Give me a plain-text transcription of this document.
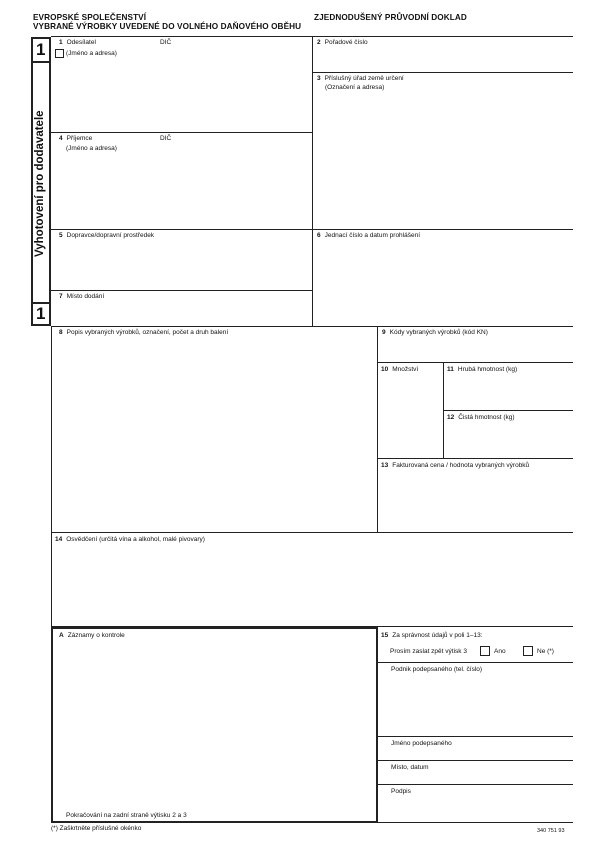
EVROPSKÉ SPOLEČENSTVÍ
VYBRANÉ VÝROBKY UVEDENÉ DO VOLNÉHO DAŇOVÉHO OBĚHU
ZJEDNODUŠENÝ PRŮVODNÍ DOKLAD
1
1
Vyhotovení pro dodavatele
1 Odesílatel	DIČ
(Jméno a adresa)
2 Pořadové číslo
3 Příslušný úřad země určení
(Označení a adresa)
4 Příjemce	DIČ
(Jméno a adresa)
5 Dopravce/dopravní prostředek	6 Jednací číslo a datum prohlášení
7 Místo dodání
8 Popis vybraných výrobků, označení, počet a druh balení	9 Kódy vybraných výrobků (kód KN)
10 Množství	11 Hrubá hmotnost (kg)
12 Čistá hmotnost (kg)
13 Fakturovaná cena / hodnota vybraných výrobků
14 Osvědčení (určitá vína a alkohol, malé pivovary)
A Záznamy o kontrole
Pokračování na zadní straně výtisku 2 a 3
15 Za správnost údajů v poli 1–13:
Prosím zaslat zpět výtisk 3	Ano	Ne (*)
Podnik podepsaného (tel. číslo)
Jméno podepsaného
Místo, datum
Podpis
(*) Zaškrtněte příslušné okénko	340 751 93
